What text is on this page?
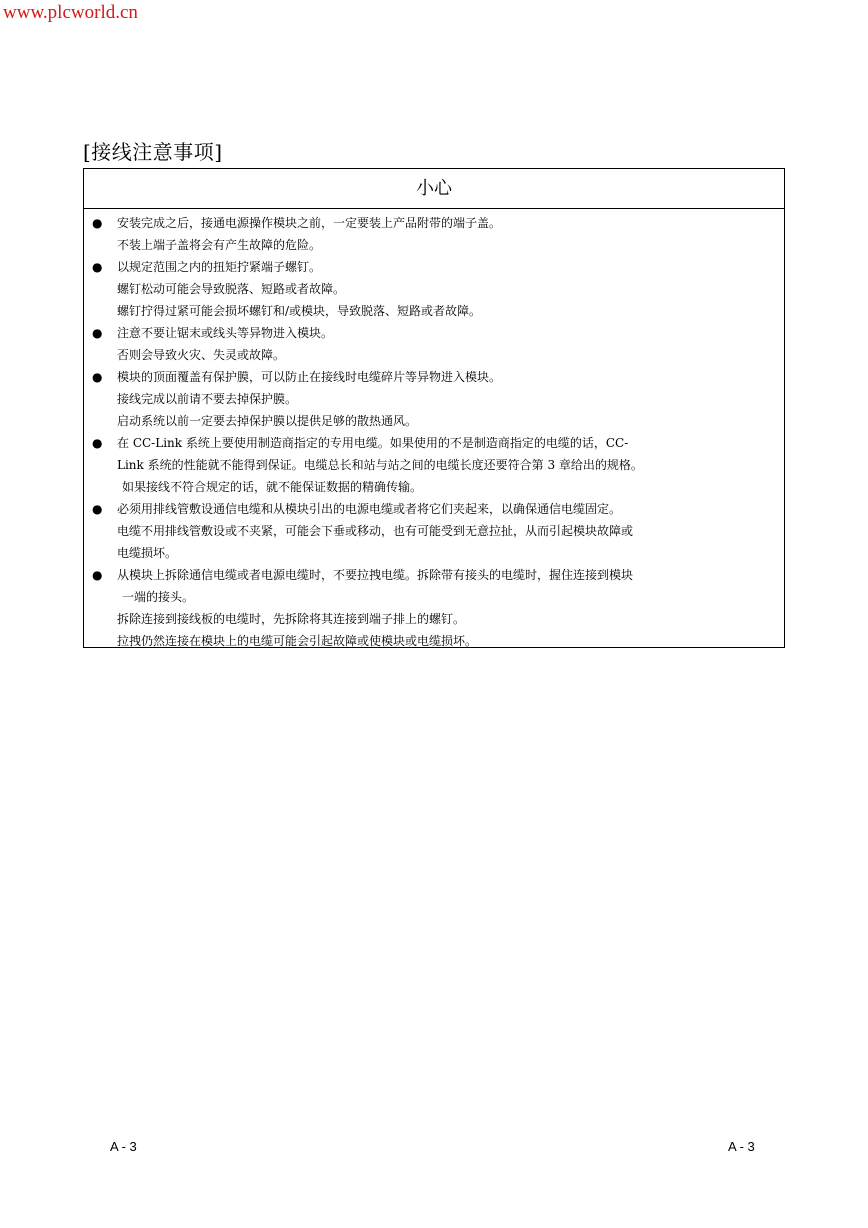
www.plcworld.cn
[接线注意事项]
小心
●	安装完成之后，接通电源操作模块之前，一定要装上产品附带的端子盖。
不装上端子盖将会有产生故障的危险。
●	以规定范围之内的扭矩拧紧端子螺钉。
螺钉松动可能会导致脱落、短路或者故障。
螺钉拧得过紧可能会损坏螺钉和/或模块，导致脱落、短路或者故障。
●	注意不要让锯末或线头等异物进入模块。
否则会导致火灾、失灵或故障。
●	模块的顶面覆盖有保护膜，可以防止在接线时电缆碎片等异物进入模块。
接线完成以前请不要去掉保护膜。
启动系统以前一定要去掉保护膜以提供足够的散热通风。
●	在 CC-Link 系统上要使用制造商指定的专用电缆。如果使用的不是制造商指定的电缆的话，CC-
Link 系统的性能就不能得到保证。电缆总长和站与站之间的电缆长度还要符合第 3 章给出的规格。
如果接线不符合规定的话，就不能保证数据的精确传输。
●	必须用排线管敷设通信电缆和从模块引出的电源电缆或者将它们夹起来，以确保通信电缆固定。
电缆不用排线管敷设或不夹紧，可能会下垂或移动，也有可能受到无意拉扯，从而引起模块故障或
电缆损坏。
●	从模块上拆除通信电缆或者电源电缆时，不要拉拽电缆。拆除带有接头的电缆时，握住连接到模块
一端的接头。
拆除连接到接线板的电缆时，先拆除将其连接到端子排上的螺钉。
拉拽仍然连接在模块上的电缆可能会引起故障或使模块或电缆损坏。
A - 3	A - 3
